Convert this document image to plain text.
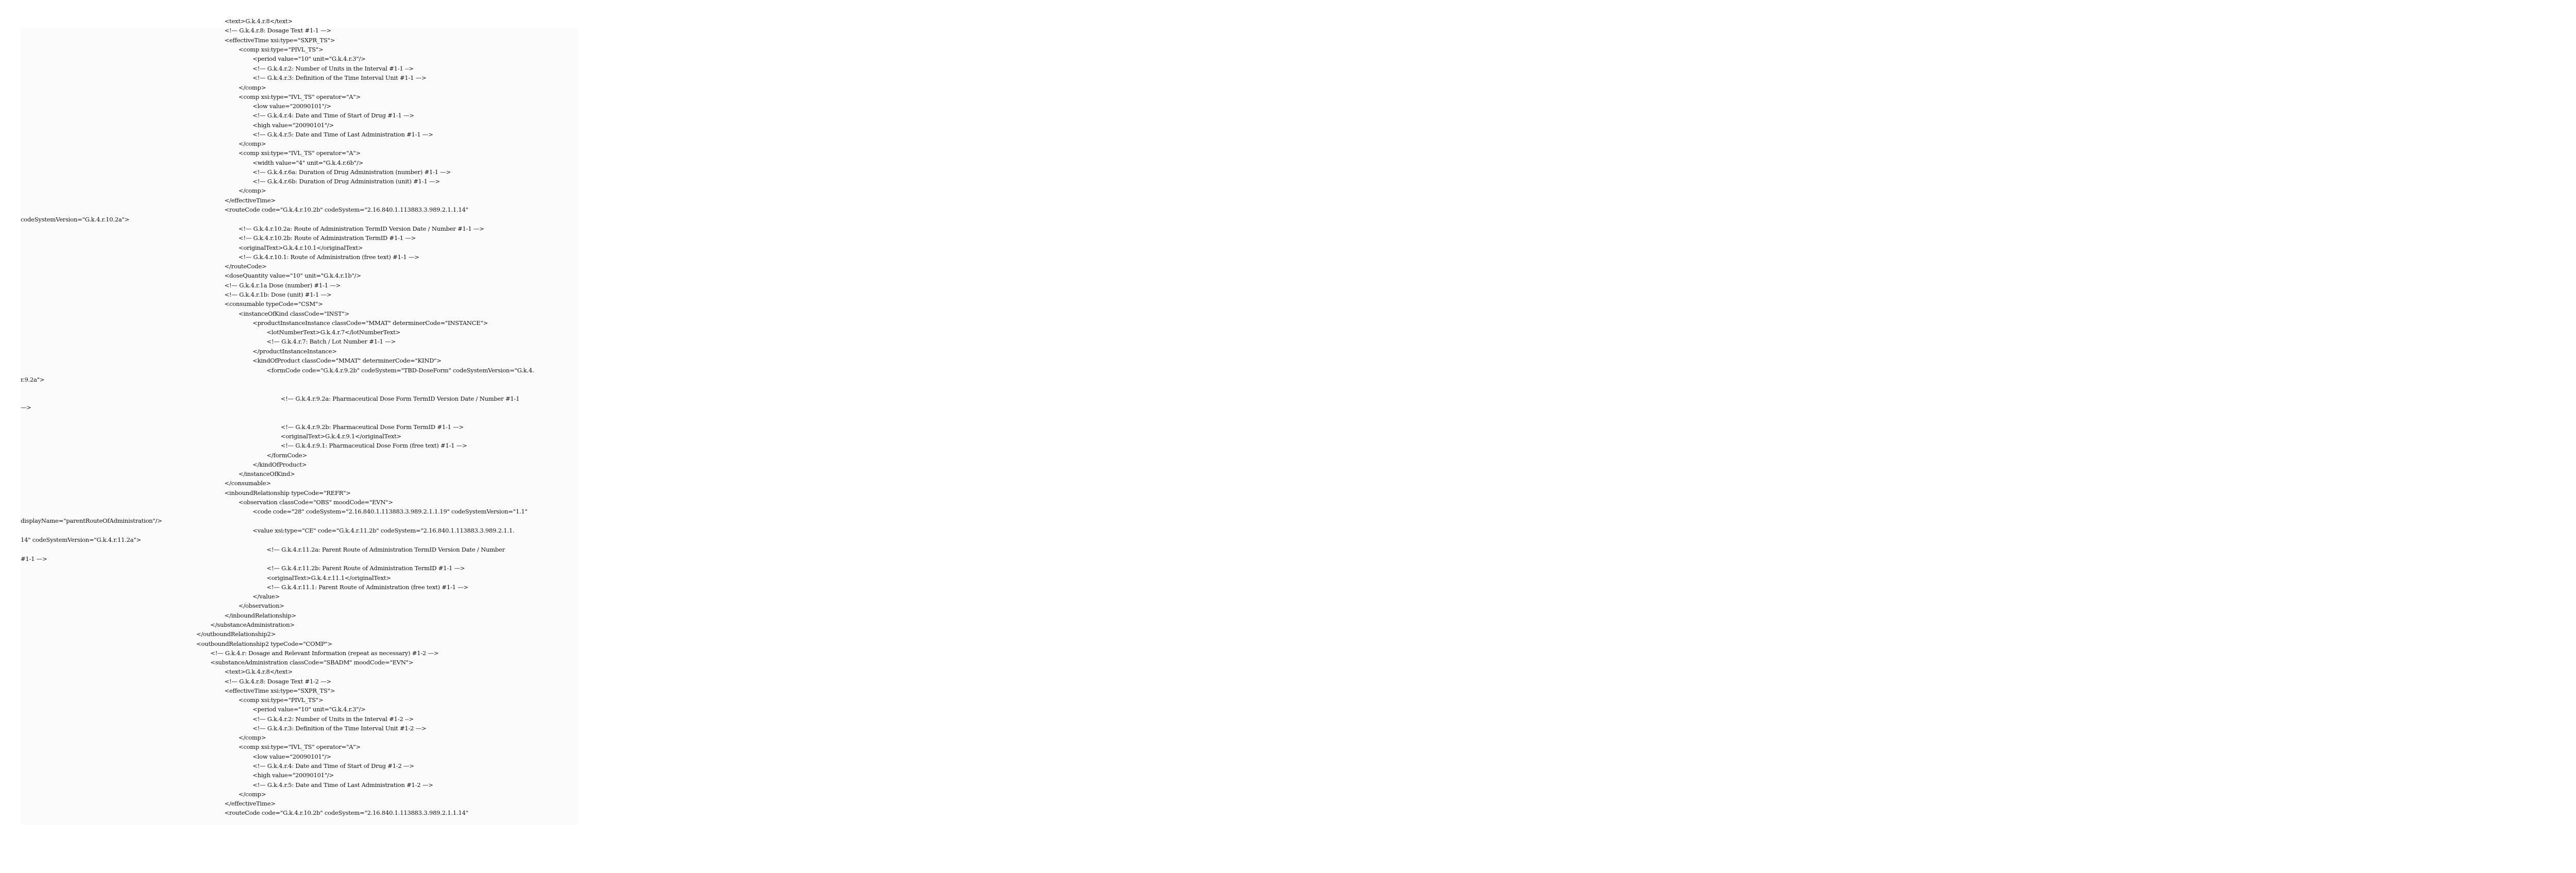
<text>G.k.4.r.8</text>
<!— G.k.4.r.8: Dosage Text #1-1 —>
<effectiveTime xsi:type="SXPR_TS">
<comp xsi:type="PIVL_TS">
<period value="10" unit="G.k.4.r.3"/>
<!— G.k.4.r.2: Number of Units in the Interval #1-1 -->
<!— G.k.4.r.3: Definition of the Time Interval Unit #1-1 —>
</comp>
<comp xsi:type="IVL_TS" operator="A">
<low value="20090101"/>
<!— G.k.4.r.4: Date and Time of Start of Drug #1-1 —>
<high value="20090101"/>
<!— G.k.4.r.5: Date and Time of Last Administration #1-1 —>
</comp>
<comp xsi:type="IVL_TS" operator="A">
<width value="4" unit="G.k.4.r.6b"/>
<!— G.k.4.r.6a: Duration of Drug Administration (number) #1-1 —>
<!— G.k.4.r.6b: Duration of Drug Administration (unit) #1-1 —>
</comp>
</effectiveTime>
<routeCode code="G.k.4.r.10.2b" codeSystem="2.16.840.1.113883.3.989.2.1.1.14"
codeSystemVersion="G.k.4.r.10.2a">
<!— G.k.4.r.10.2a: Route of Administration TermID Version Date / Number #1-1 —>
<!— G.k.4.r.10.2b: Route of Administration TermID #1-1 —>
<originalText>G.k.4.r.10.1</originalText>
<!— G.k.4.r.10.1: Route of Administration (free text) #1-1 —>
</routeCode>
<doseQuantity value="10" unit="G.k.4.r.1b"/>
<!— G.k.4.r.1a Dose (number) #1-1 —>
<!— G.k.4.r.1b: Dose (unit) #1-1 —>
<consumable typeCode="CSM">
<instanceOfKind classCode="INST">
<productInstanceInstance classCode="MMAT" determinerCode="INSTANCE">
<lotNumberText>G.k.4.r.7</lotNumberText>
<!— G.k.4.r.7: Batch / Lot Number #1-1 —>
</productInstanceInstance>
<kindOfProduct classCode="MMAT" determinerCode="KIND">
<formCode code="G.k.4.r.9.2b" codeSystem="TBD-DoseForm" codeSystemVersion="G.k.4.
r.9.2a">
<!— G.k.4.r.9.2a: Pharmaceutical Dose Form TermID Version Date / Number #1-1
—>
<!— G.k.4.r.9.2b: Pharmaceutical Dose Form TermID #1-1 —>
<originalText>G.k.4.r.9.1</originalText>
<!— G.k.4.r.9.1: Pharmaceutical Dose Form (free text) #1-1 —>
</formCode>
</kindOfProduct>
</instanceOfKind>
</consumable>
<inboundRelationship typeCode="REFR">
<observation classCode="OBS" moodCode="EVN">
<code code="28" codeSystem="2.16.840.1.113883.3.989.2.1.1.19" codeSystemVersion="1.1"
displayName="parentRouteOfAdministration"/>
<value xsi:type="CE" code="G.k.4.r.11.2b" codeSystem="2.16.840.1.113883.3.989.2.1.1.
14" codeSystemVersion="G.k.4.r.11.2a">
<!— G.k.4.r.11.2a: Parent Route of Administration TermID Version Date / Number
#1-1 —>
<!— G.k.4.r.11.2b: Parent Route of Administration TermID #1-1 —>
<originalText>G.k.4.r.11.1</originalText>
<!— G.k.4.r.11.1: Parent Route of Administration (free text) #1-1 —>
</value>
</observation>
</inboundRelationship>
</substanceAdministration>
</outboundRelationship2>
<outboundRelationship2 typeCode="COMP">
<!— G.k.4.r: Dosage and Relevant Information (repeat as necessary) #1-2 —>
<substanceAdministration classCode="SBADM" moodCode="EVN">
<text>G.k.4.r.8</text>
<!— G.k.4.r.8: Dosage Text #1-2 —>
<effectiveTime xsi:type="SXPR_TS">
<comp xsi:type="PIVL_TS">
<period value="10" unit="G.k.4.r.3"/>
<!— G.k.4.r.2: Number of Units in the Interval #1-2 -->
<!— G.k.4.r.3: Definition of the Time Interval Unit #1-2 —>
</comp>
<comp xsi:type="IVL_TS" operator="A">
<low value="20090101"/>
<!— G.k.4.r.4: Date and Time of Start of Drug #1-2 —>
<high value="20090101"/>
<!— G.k.4.r.5: Date and Time of Last Administration #1-2 —>
</comp>
</effectiveTime>
<routeCode code="G.k.4.r.10.2b" codeSystem="2.16.840.1.113883.3.989.2.1.1.14"
